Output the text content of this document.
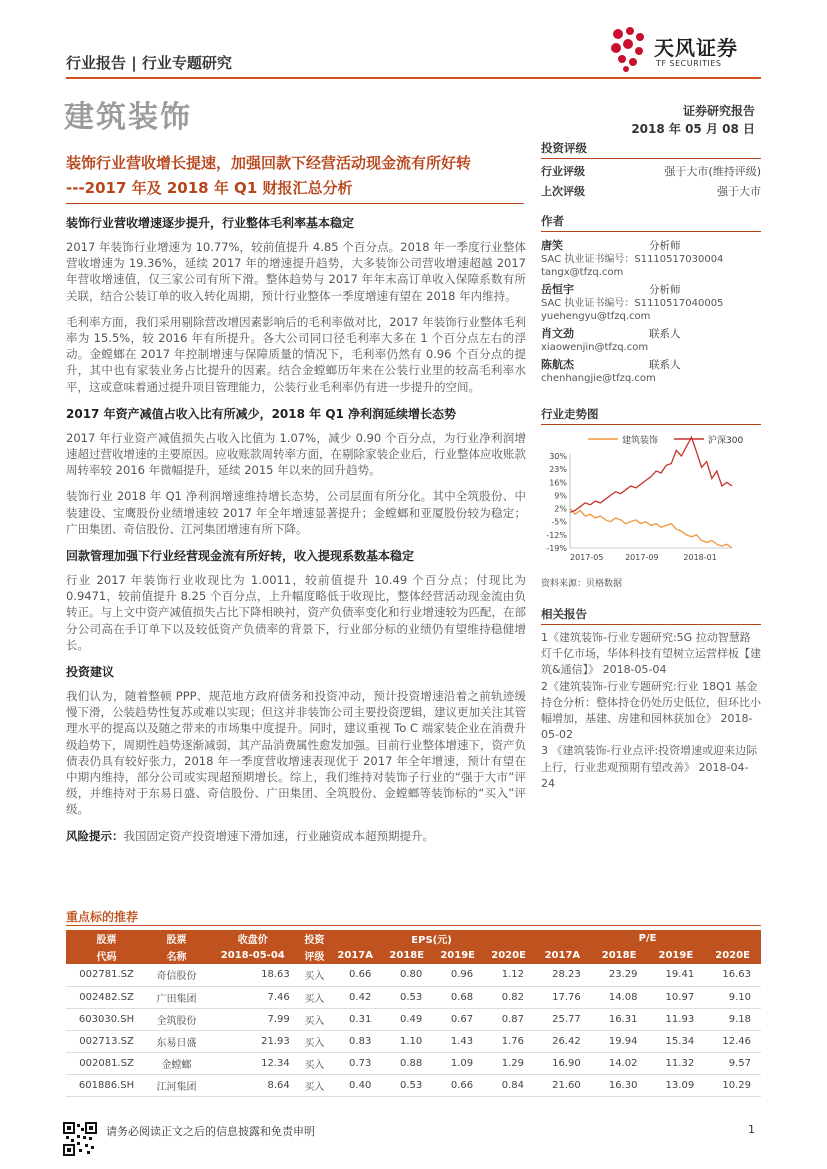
行业报告 | 行业专题研究
天风证券
TF SECURITIES
建筑装饰	证券研究报告
2018 年 05 月 08 日
装饰行业营收增长提速，加强回款下经营活动现金流有所好转
---2017 年及 2018 年 Q1 财报汇总分析
装饰行业营收增速逐步提升，行业整体毛利率基本稳定
2017 年装饰行业增速为 10.77%，较前值提升 4.85 个百分点。2018 年一季度行业整体营收增速为 19.36%，延续 2017 年的增速提升趋势，大多装饰公司营收增速超越 2017 年营收增速值，仅三家公司有所下滑。整体趋势与 2017 年年末高订单收入保障系数有所关联，结合公装订单的收入转化周期，预计行业整体一季度增速有望在 2018 年内维持。
毛利率方面，我们采用剔除营改增因素影响后的毛利率做对比，2017 年装饰行业整体毛利率为 15.5%，较 2016 年有所提升。各大公司同口径毛利率大多在 1 个百分点左右的浮动。金螳螂在 2017 年控制增速与保障质量的情况下，毛利率仍然有 0.96 个百分点的提升，其中也有家装业务占比提升的因素。结合金螳螂历年来在公装行业里的较高毛利率水平，这或意味着通过提升项目管理能力，公装行业毛利率仍有进一步提升的空间。
2017 年资产减值占收入比有所减少，2018 年 Q1 净利润延续增长态势
2017 年行业资产减值损失占收入比值为 1.07%，减少 0.90 个百分点，为行业净利润增速超过营收增速的主要原因。应收账款周转率方面，在剔除家装企业后，行业整体应收账款周转率较 2016 年微幅提升，延续 2015 年以来的回升趋势。
装饰行业 2018 年 Q1 净利润增速维持增长态势，公司层面有所分化。其中全筑股份、中装建设、宝鹰股份业绩增速较 2017 年全年增速显著提升；金螳螂和亚厦股份较为稳定；广田集团、奇信股份、江河集团增速有所下降。
回款管理加强下行业经营现金流有所好转，收入提现系数基本稳定
行业 2017 年装饰行业收现比为 1.0011，较前值提升 10.49 个百分点；付现比为 0.9471，较前值提升 8.25 个百分点，上升幅度略低于收现比，整体经营活动现金流由负转正。与上文中资产减值损失占比下降相映衬，资产负债率变化和行业增速较为匹配，在部分公司高在手订单下以及较低资产负债率的背景下，行业部分标的业绩仍有望维持稳健增长。
投资建议
我们认为，随着整顿 PPP、规范地方政府债务和投资冲动，预计投资增速沿着之前轨迹缓慢下滑，公装趋势性复苏或难以实现；但这并非装饰公司主要投资逻辑，建议更加关注其管理水平的提高以及随之带来的市场集中度提升。同时，建议重视 To C 端家装企业在消费升级趋势下，周期性趋势逐渐减弱，其产品消费属性愈发加强。目前行业整体增速下，资产负债表仍具有较好张力，2018 年一季度营收增速表现优于 2017 年全年增速，预计有望在中期内维持，部分公司或实现超预期增长。综上，我们维持对装饰子行业的“强于大市”评级，并维持对于东易日盛、奇信股份、广田集团、全筑股份、金螳螂等装饰标的“买入”评级。
风险提示：我国固定资产投资增速下滑加速，行业融资成本超预期提升。
投资评级
行业评级	强于大市(维持评级)
上次评级	强于大市
作者
唐笑	分析师
SAC 执业证书编号：S1110517030004
tangx@tfzq.com
岳恒宇	分析师
SAC 执业证书编号：S1110517040005
yuehengyu@tfzq.com
肖文劲	联系人
xiaowenjin@tfzq.com
陈航杰	联系人
chenhangjie@tfzq.com
行业走势图
建筑装饰	沪深300
30%
23%
16%
9%
2%
-5%
-12%
-19%
2017-05	2017-09	2018-01
资料来源：贝格数据
相关报告
1《建筑装饰-行业专题研究:5G 拉动智慧路灯千亿市场，华体科技有望树立运营样板【建筑&通信】》 2018-05-04
2《建筑装饰-行业专题研究:行业 18Q1 基金持仓分析：整体持仓仍处历史低位，但环比小幅增加，基建、房建和园林获加仓》 2018-05-02
3 《建筑装饰-行业点评:投资增速或迎来边际上行，行业悲观预期有望改善》 2018-04-24
重点标的推荐
股票	股票	收盘价	投资	EPS(元)				P/E			
代码	名称	2018-05-04	评级	2017A	2018E	2019E	2020E	2017A	2018E	2019E	2020E
002781.SZ	奇信股份	18.63	买入	0.66	0.80	0.96	1.12	28.23	23.29	19.41	16.63
002482.SZ	广田集团	7.46	买入	0.42	0.53	0.68	0.82	17.76	14.08	10.97	9.10
603030.SH	全筑股份	7.99	买入	0.31	0.49	0.67	0.87	25.77	16.31	11.93	9.18
002713.SZ	东易日盛	21.93	买入	0.83	1.10	1.43	1.76	26.42	19.94	15.34	12.46
002081.SZ	金螳螂	12.34	买入	0.73	0.88	1.09	1.29	16.90	14.02	11.32	9.57
601886.SH	江河集团	8.64	买入	0.40	0.53	0.66	0.84	21.60	16.30	13.09	10.29
请务必阅读正文之后的信息披露和免责申明	1
